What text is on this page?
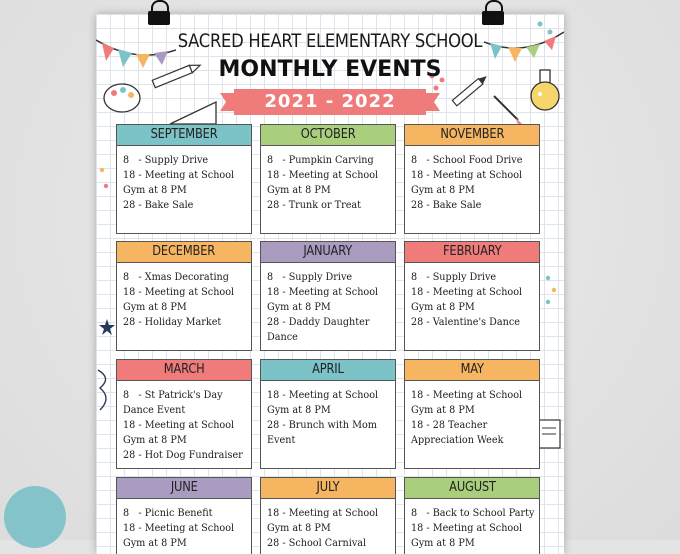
SACRED HEART ELEMENTARY SCHOOL
MONTHLY EVENTS
2021 - 2022
SEPTEMBER
8   - Supply Drive
18 - Meeting at School
Gym at 8 PM
28 - Bake Sale
OCTOBER
8   - Pumpkin Carving
18 - Meeting at School
Gym at 8 PM
28 - Trunk or Treat
NOVEMBER
8   - School Food Drive
18 - Meeting at School
Gym at 8 PM
28 - Bake Sale
DECEMBER
8   - Xmas Decorating
18 - Meeting at School
Gym at 8 PM
28 - Holiday Market
JANUARY
8   - Supply Drive
18 - Meeting at School
Gym at 8 PM
28 - Daddy Daughter
Dance
FEBRUARY
8   - Supply Drive
18 - Meeting at School
Gym at 8 PM
28 - Valentine's Dance
MARCH
8   - St Patrick's Day
Dance Event
18 - Meeting at School
Gym at 8 PM
28 - Hot Dog Fundraiser
APRIL
18 - Meeting at School
Gym at 8 PM
28 - Brunch with Mom
Event
MAY
18 - Meeting at School
Gym at 8 PM
18 - 28 Teacher
Appreciation Week
JUNE
8   - Picnic Benefit
18 - Meeting at School
Gym at 8 PM
JULY
18 - Meeting at School
Gym at 8 PM
28 - School Carnival
AUGUST
8   - Back to School Party
18 - Meeting at School
Gym at 8 PM
